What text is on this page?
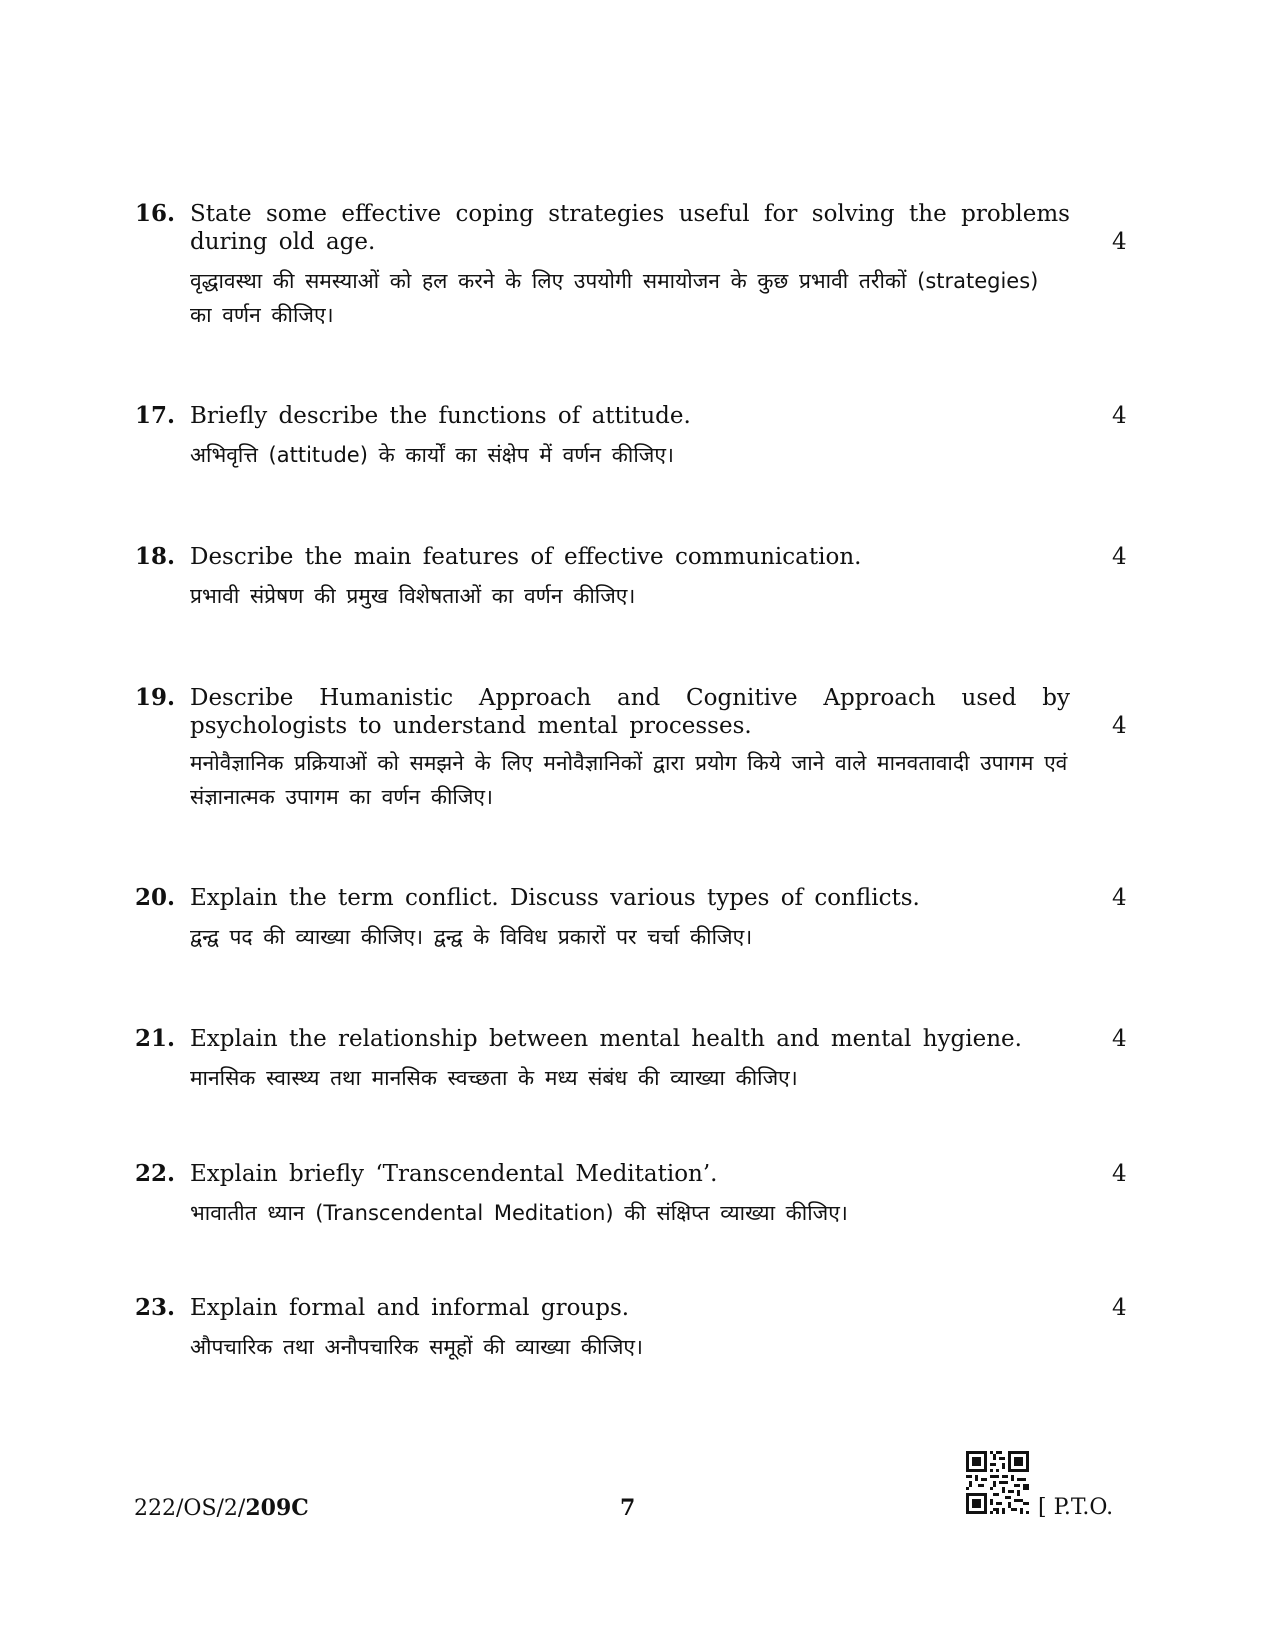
16. State some effective coping strategies useful for solving the problems during old age.	4
वृद्धावस्था की समस्याओं को हल करने के लिए उपयोगी समायोजन के कुछ प्रभावी तरीकों (strategies) का वर्णन कीजिए।
17. Briefly describe the functions of attitude.	4
अभिवृत्ति (attitude) के कार्यों का संक्षेप में वर्णन कीजिए।
18. Describe the main features of effective communication.	4
प्रभावी संप्रेषण की प्रमुख विशेषताओं का वर्णन कीजिए।
19. Describe Humanistic Approach and Cognitive Approach used by psychologists to understand mental processes.	4
मनोवैज्ञानिक प्रक्रियाओं को समझने के लिए मनोवैज्ञानिकों द्वारा प्रयोग किये जाने वाले मानवतावादी उपागम एवं संज्ञानात्मक उपागम का वर्णन कीजिए।
20. Explain the term conflict. Discuss various types of conflicts.	4
द्वन्द्व पद की व्याख्या कीजिए। द्वन्द्व के विविध प्रकारों पर चर्चा कीजिए।
21. Explain the relationship between mental health and mental hygiene.	4
मानसिक स्वास्थ्य तथा मानसिक स्वच्छता के मध्य संबंध की व्याख्या कीजिए।
22. Explain briefly ‘Transcendental Meditation’.	4
भावातीत ध्यान (Transcendental Meditation) की संक्षिप्त व्याख्या कीजिए।
23. Explain formal and informal groups.	4
औपचारिक तथा अनौपचारिक समूहों की व्याख्या कीजिए।
222/OS/2/209C	7	[ P.T.O.
